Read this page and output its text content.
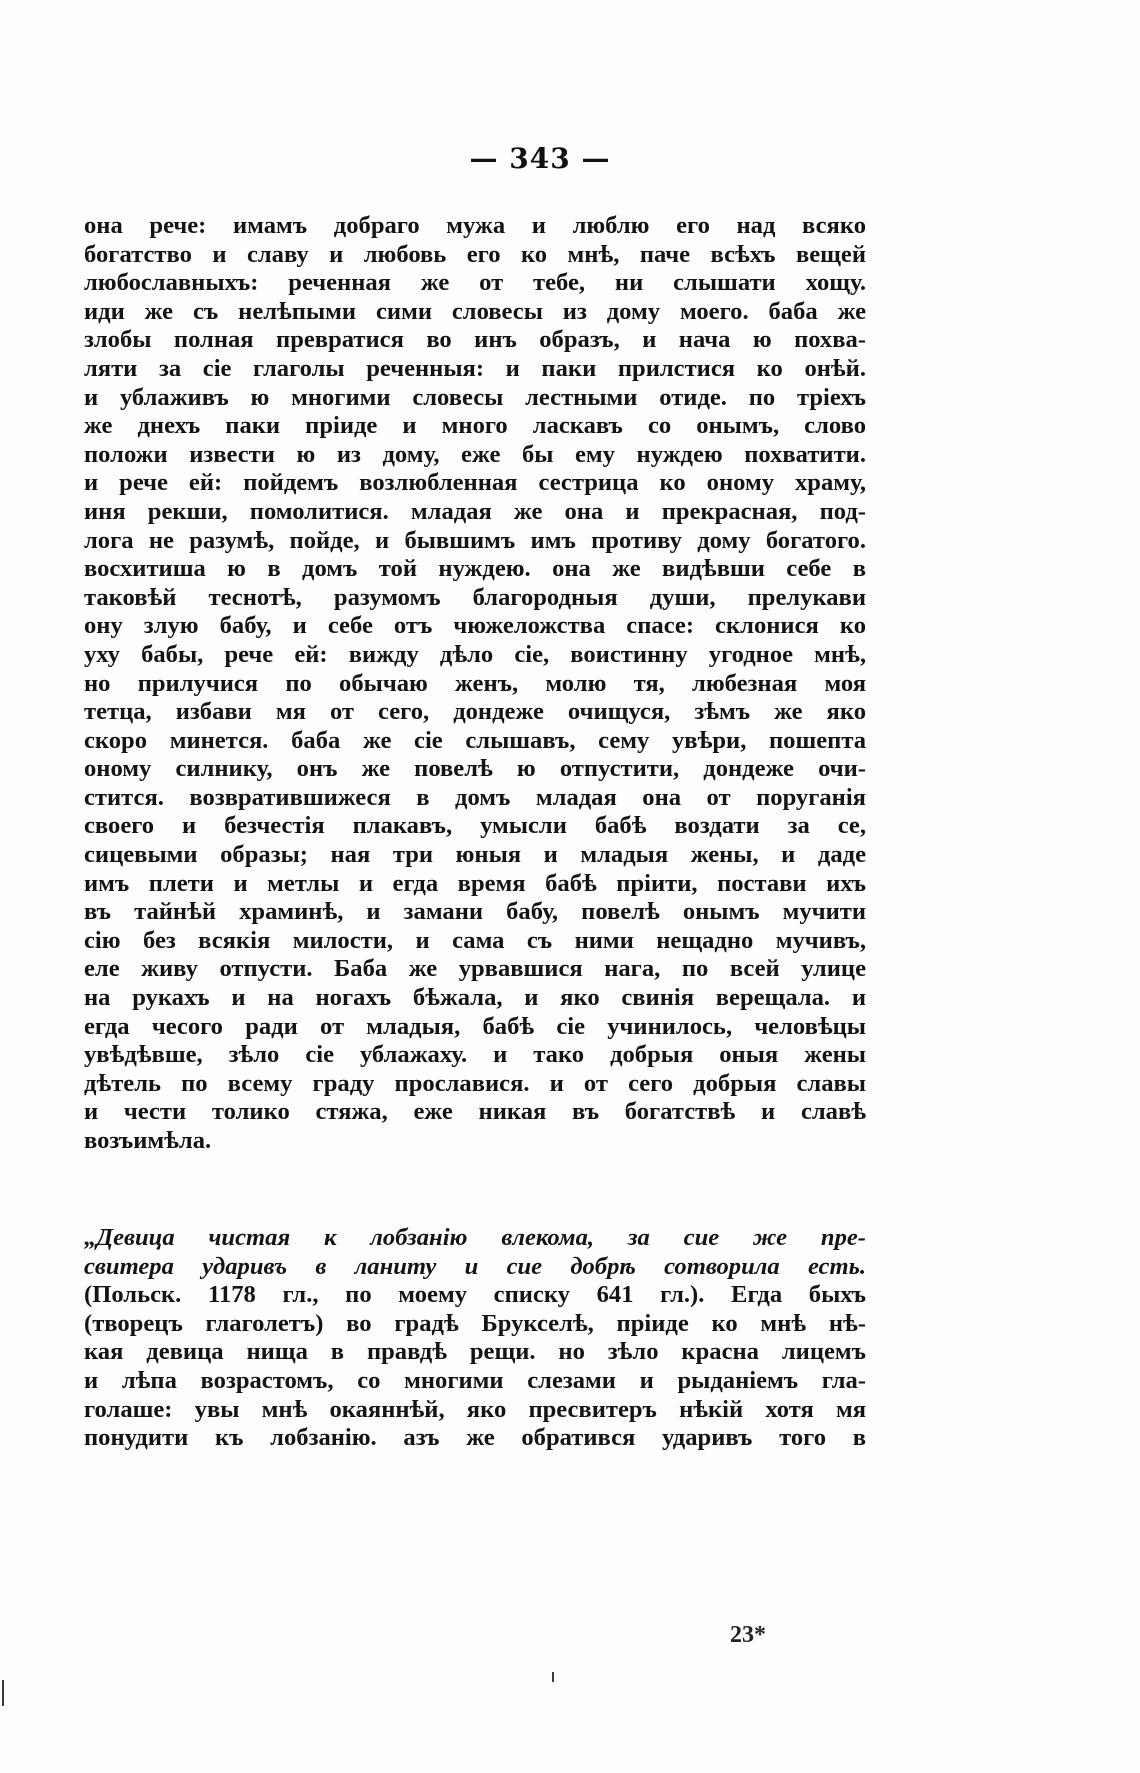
— 343 —
она рече: имамъ добраго мужа и люблю его над всяко
богатство и славу и любовь его ко мнѣ, паче всѣхъ вещей
любославныхъ: реченная же от тебе, ни слышати хощу.
иди же съ нелѣпыми сими словесы из дому моего. баба же
злобы полная превратися во инъ образъ, и нача ю похва-
ляти за сіе глаголы реченныя: и паки прилстися ко онѣй.
и ублаживъ ю многими словесы лестными отиде. по тріехъ
же днехъ паки пріиде и много ласкавъ со онымъ, слово
положи извести ю из дому, еже бы ему нуждею похватити.
и рече ей: пойдемъ возлюбленная сестрица ко оному храму,
иня рекши, помолитися. младая же она и прекрасная, под-
лога не разумѣ, пойде, и бывшимъ имъ противу дому богатого.
восхитиша ю в домъ той нуждею. она же видѣвши себе в
таковѣй теснотѣ, разумомъ благородныя души, прелукави
ону злую бабу, и себе отъ чюжеложства спасе: склонися ко
уху бабы, рече ей: вижду дѣло сіе, воистинну угодное мнѣ,
но прилучися по обычаю женъ, молю тя, любезная моя
тетца, избави мя от сего, дондеже очищуся, зѣмъ же яко
скоро минется. баба же сіе слышавъ, сему увѣри, пошепта
оному силнику, онъ же повелѣ ю отпустити, дондеже очи-
стится. возвратившижеся в домъ младая она от поруганія
своего и безчестія плакавъ, умысли бабѣ воздати за се,
сицевыми образы; ная три юныя и младыя жены, и даде
имъ плети и метлы и егда время бабѣ пріити, постави ихъ
въ тайнѣй храминѣ, и замани бабу, повелѣ онымъ мучити
сію без всякія милости, и сама съ ними нещадно мучивъ,
еле живу отпусти. Баба же урвавшися нага, по всей улице
на рукахъ и на ногахъ бѣжала, и яко свинія верещала. и
егда чесого ради от младыя, бабѣ сіе учинилось, человѣцы
увѣдѣвше, зѣло сіе ублажаху. и тако добрыя оныя жены
дѣтель по всему граду прославися. и от сего добрыя славы
и чести толико стяжа, еже никая въ богатствѣ и славѣ
возъимѣла.
„Девица чистая к лобзанію влекома, за сие же пре-
свитера ударивъ в ланиту и сие добрѣ сотворила есть.
(Польск. 1178 гл., по моему списку 641 гл.). Егда быхъ
(творецъ глаголетъ) во градѣ Брукселѣ, пріиде ко мнѣ нѣ-
кая девица нища в правдѣ рещи. но зѣло красна лицемъ
и лѣпа возрастомъ, со многими слезами и рыданіемъ гла-
голаше: увы мнѣ окаяннѣй, яко пресвитеръ нѣкій хотя мя
понудити къ лобзанію. азъ же обратився ударивъ того в
23*
